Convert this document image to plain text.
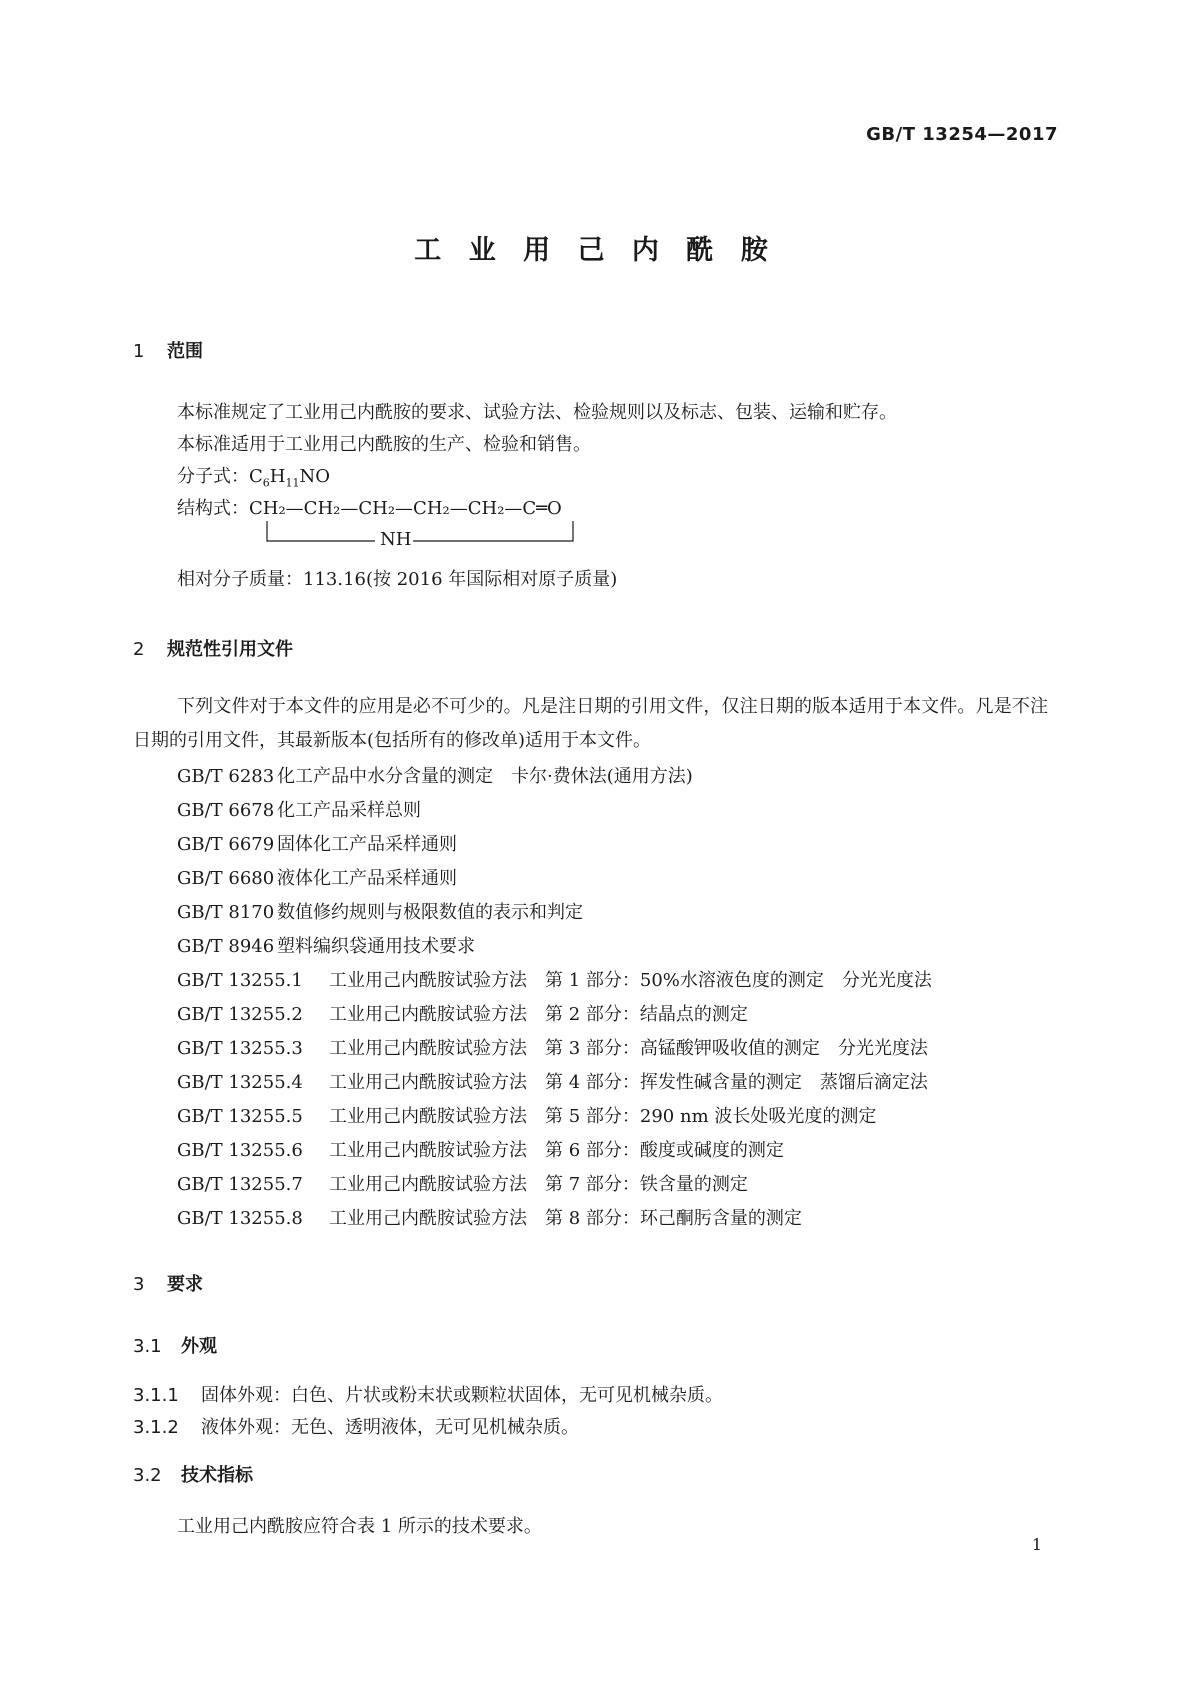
GB/T 13254—2017
工 业 用 己 内 酰 胺
1 范围
本标准规定了工业用己内酰胺的要求、试验方法、检验规则以及标志、包装、运输和贮存。
本标准适用于工业用己内酰胺的生产、检验和销售。
分子式：$C_6H_{11}NO$
结构式：CH₂—CH₂—CH₂—CH₂—CH₂—C═O
NH
相对分子质量：113.16(按 2016 年国际相对原子质量)
2 规范性引用文件
下列文件对于本文件的应用是必不可少的。凡是注日期的引用文件，仅注日期的版本适用于本文件。凡是不注日期的引用文件，其最新版本(包括所有的修改单)适用于本文件。
GB/T 6283 化工产品中水分含量的测定　卡尔·费休法(通用方法)
GB/T 6678 化工产品采样总则
GB/T 6679 固体化工产品采样通则
GB/T 6680 液体化工产品采样通则
GB/T 8170 数值修约规则与极限数值的表示和判定
GB/T 8946 塑料编织袋通用技术要求
GB/T 13255.1 工业用己内酰胺试验方法　第 1 部分：50%水溶液色度的测定　分光光度法
GB/T 13255.2 工业用己内酰胺试验方法　第 2 部分：结晶点的测定
GB/T 13255.3 工业用己内酰胺试验方法　第 3 部分：高锰酸钾吸收值的测定　分光光度法
GB/T 13255.4 工业用己内酰胺试验方法　第 4 部分：挥发性碱含量的测定　蒸馏后滴定法
GB/T 13255.5 工业用己内酰胺试验方法　第 5 部分：290 nm 波长处吸光度的测定
GB/T 13255.6 工业用己内酰胺试验方法　第 6 部分：酸度或碱度的测定
GB/T 13255.7 工业用己内酰胺试验方法　第 7 部分：铁含量的测定
GB/T 13255.8 工业用己内酰胺试验方法　第 8 部分：环己酮肟含量的测定
3 要求
3.1 外观
3.1.1 固体外观：白色、片状或粉末状或颗粒状固体，无可见机械杂质。
3.1.2 液体外观：无色、透明液体，无可见机械杂质。
3.2 技术指标
工业用己内酰胺应符合表 1 所示的技术要求。
1
